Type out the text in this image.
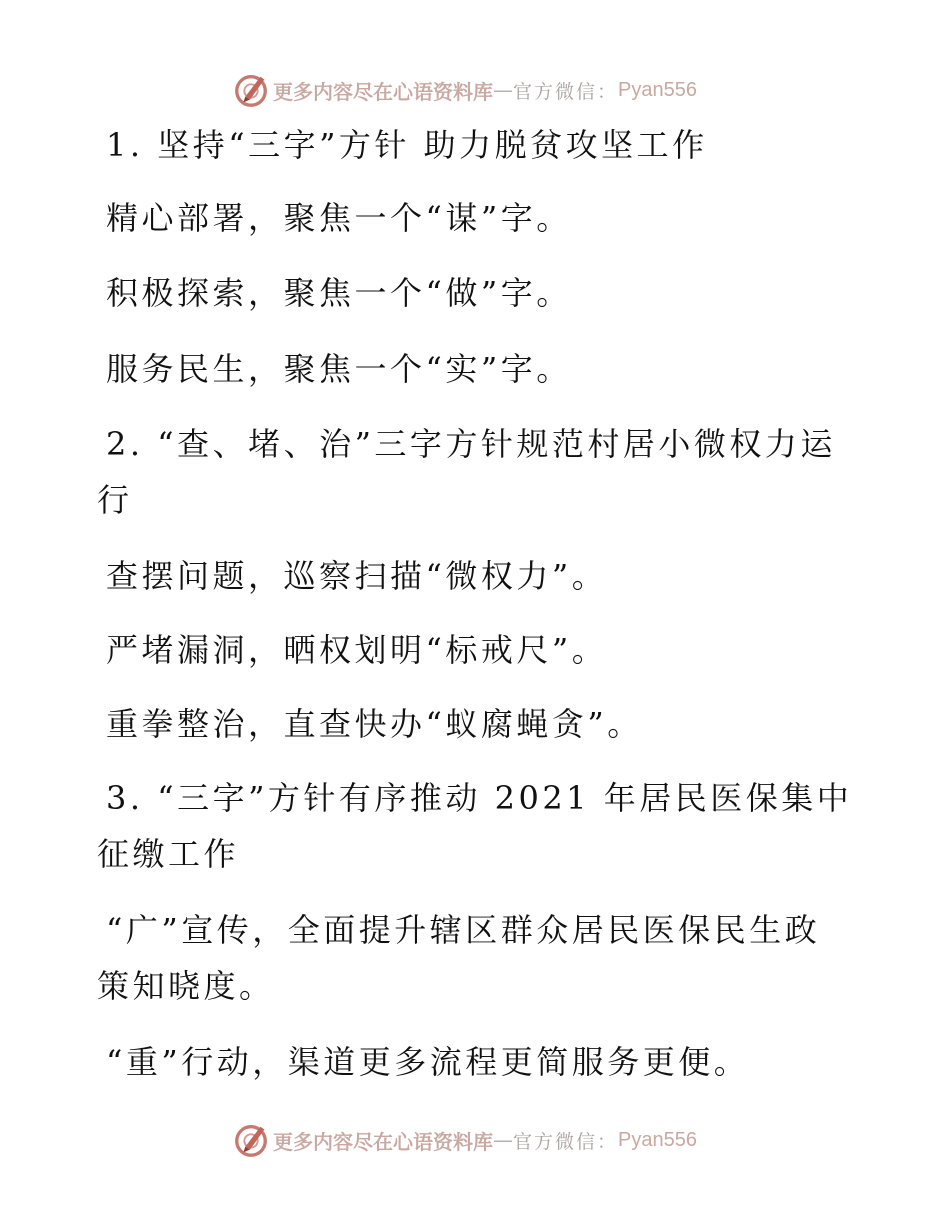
更多内容尽在心语资料库 — 官方微信： Pyan556
1. 坚持“三字”方针 助力脱贫攻坚工作
精心部署，聚焦一个“谋”字。
积极探索，聚焦一个“做”字。
服务民生，聚焦一个“实”字。
2. “查、堵、治”三字方针规范村居小微权力运
行
查摆问题，巡察扫描“微权力”。
严堵漏洞，晒权划明“标戒尺”。
重拳整治，直查快办“蚁腐蝇贪”。
3. “三字”方针有序推动 2021 年居民医保集中
征缴工作
“广”宣传，全面提升辖区群众居民医保民生政
策知晓度。
“重”行动，渠道更多流程更简服务更便。
更多内容尽在心语资料库 — 官方微信： Pyan556
